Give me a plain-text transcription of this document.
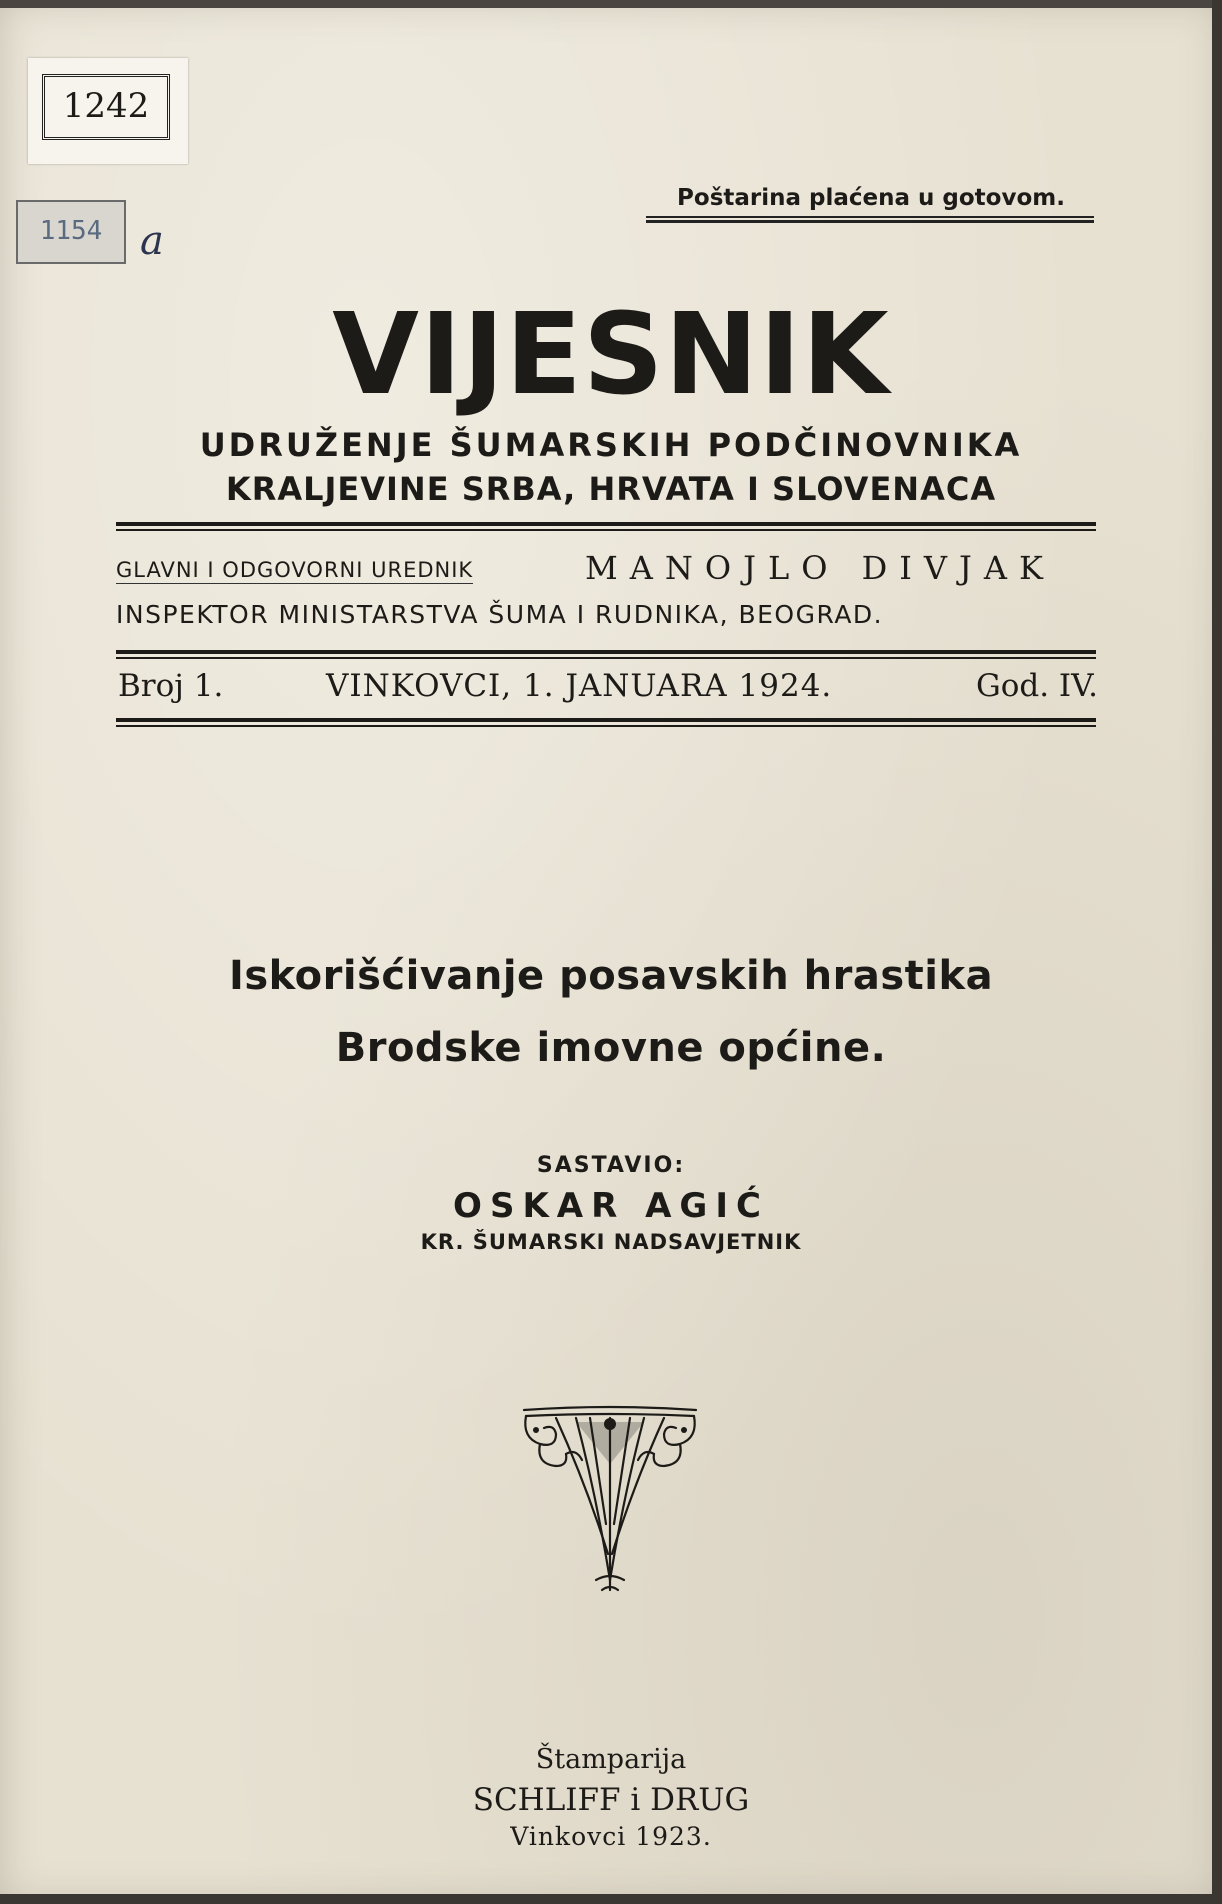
1242
1154 a
Poštarina plaćena u gotovom.
VIJESNIK
UDRUŽENJE ŠUMARSKIH PODČINOVNIKA
KRALJEVINE SRBA, HRVATA I SLOVENACA
GLAVNI I ODGOVORNI UREDNIK	MANOJLO DIVJAK
INSPEKTOR MINISTARSTVA ŠUMA I RUDNIKA, BEOGRAD.
Broj 1.	VINKOVCI, 1. JANUARA 1924.	God. IV.
Iskorišćivanje posavskih hrastika
Brodske imovne općine.
SASTAVIO:
OSKAR AGIĆ
KR. ŠUMARSKI NADSAVJETNIK
Štamparija
SCHLIFF i DRUG
Vinkovci 1923.
